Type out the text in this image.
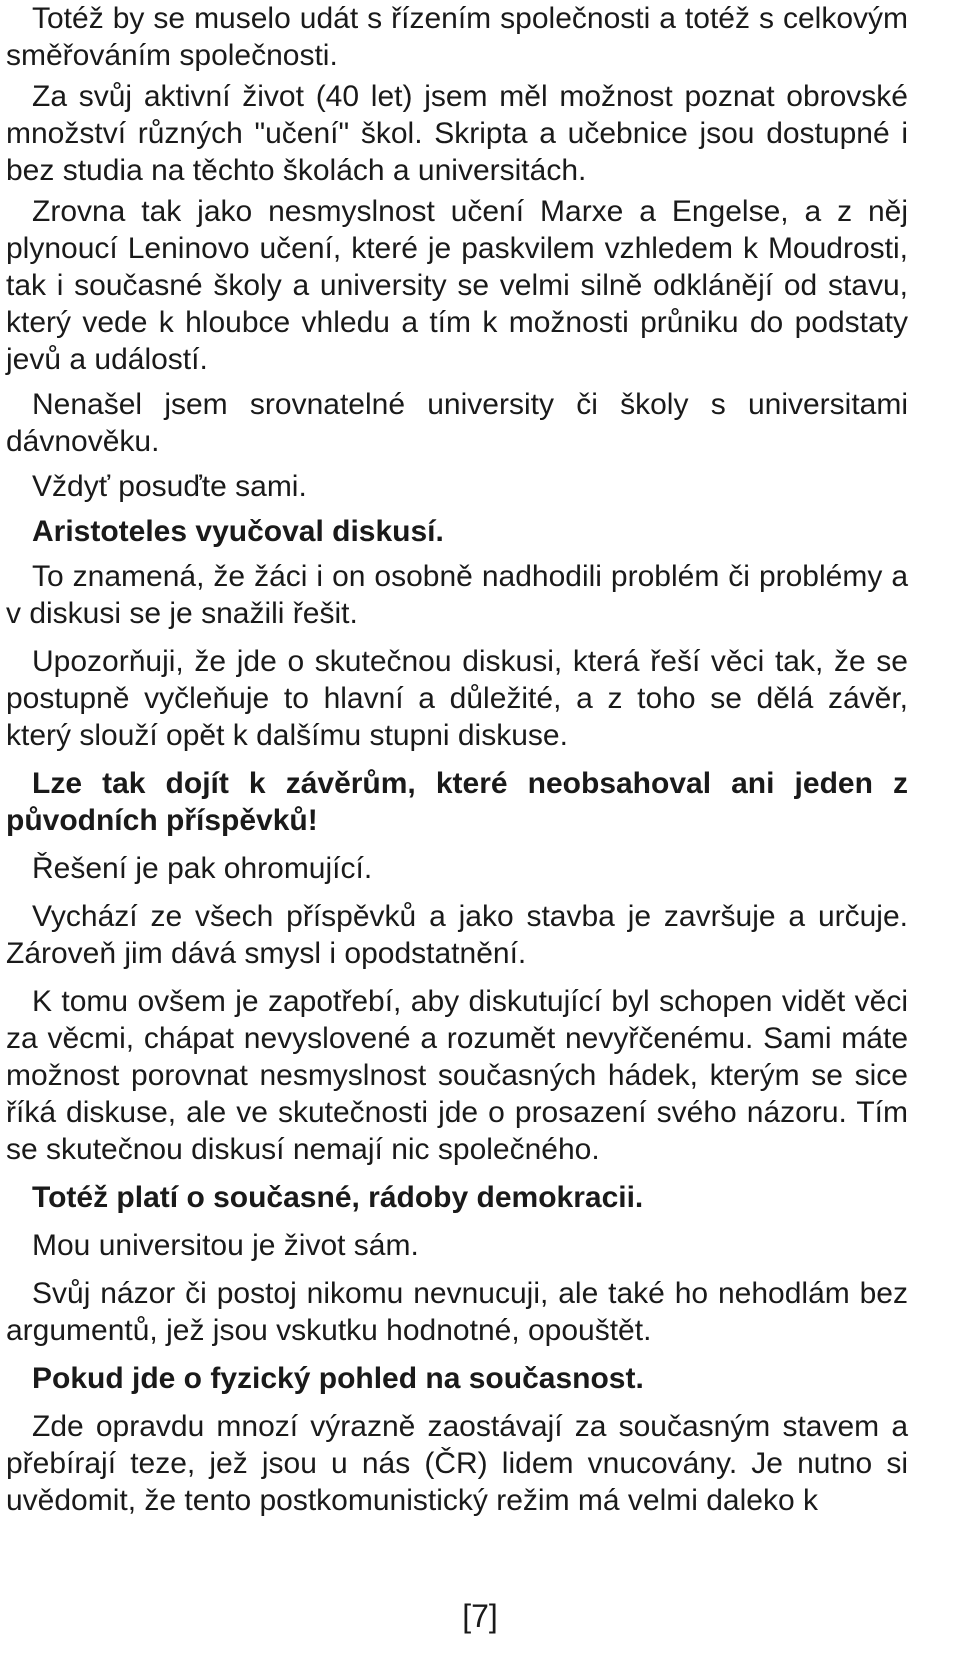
Totéž by se muselo udát s řízením společnosti a totéž s celkovým směřováním společnosti.

Za svůj aktivní život (40 let) jsem měl možnost poznat obrovské množství různých "učení" škol. Skripta a učebnice jsou dostupné i bez studia na těchto školách a universitách.

Zrovna tak jako nesmyslnost učení Marxe a Engelse, a z něj plynoucí Leninovo učení, které je paskvilem vzhledem k Moudrosti, tak i současné školy a university se velmi silně odklánějí od stavu, který vede k hloubce vhledu a tím k možnosti průniku do podstaty jevů a událostí.

Nenašel jsem srovnatelné university či školy s universitami dávnověku.

Vždyť posuďte sami.

Aristoteles vyučoval diskusí.

To znamená, že žáci i on osobně nadhodili problém či problémy a v diskusi se je snažili řešit.

Upozorňuji, že jde o skutečnou diskusi, která řeší věci tak, že se postupně vyčleňuje to hlavní a důležité, a z toho se dělá závěr, který slouží opět k dalšímu stupni diskuse.

Lze tak dojít k závěrům, které neobsahoval ani jeden z původních příspěvků!

Řešení je pak ohromující.

Vychází ze všech příspěvků a jako stavba je završuje a určuje. Zároveň jim dává smysl i opodstatnění.

K tomu ovšem je zapotřebí, aby diskutující byl schopen vidět věci za věcmi, chápat nevyslovené a rozumět nevyřčenému. Sami máte možnost porovnat nesmyslnost současných hádek, kterým se sice říká diskuse, ale ve skutečnosti jde o prosazení svého názoru. Tím se skutečnou diskusí nemají nic společného.

Totéž platí o současné, rádoby demokracii.

Mou universitou je život sám.

Svůj názor či postoj nikomu nevnucuji, ale také ho nehodlám bez argumentů, jež jsou vskutku hodnotné, opouštět.

Pokud jde o fyzický pohled na současnost.

Zde opravdu mnozí výrazně zaostávají za současným stavem a přebírají teze, jež jsou u nás (ČR) lidem vnucovány. Je nutno si uvědomit, že tento postkomunistický režim má velmi daleko k

[7]
